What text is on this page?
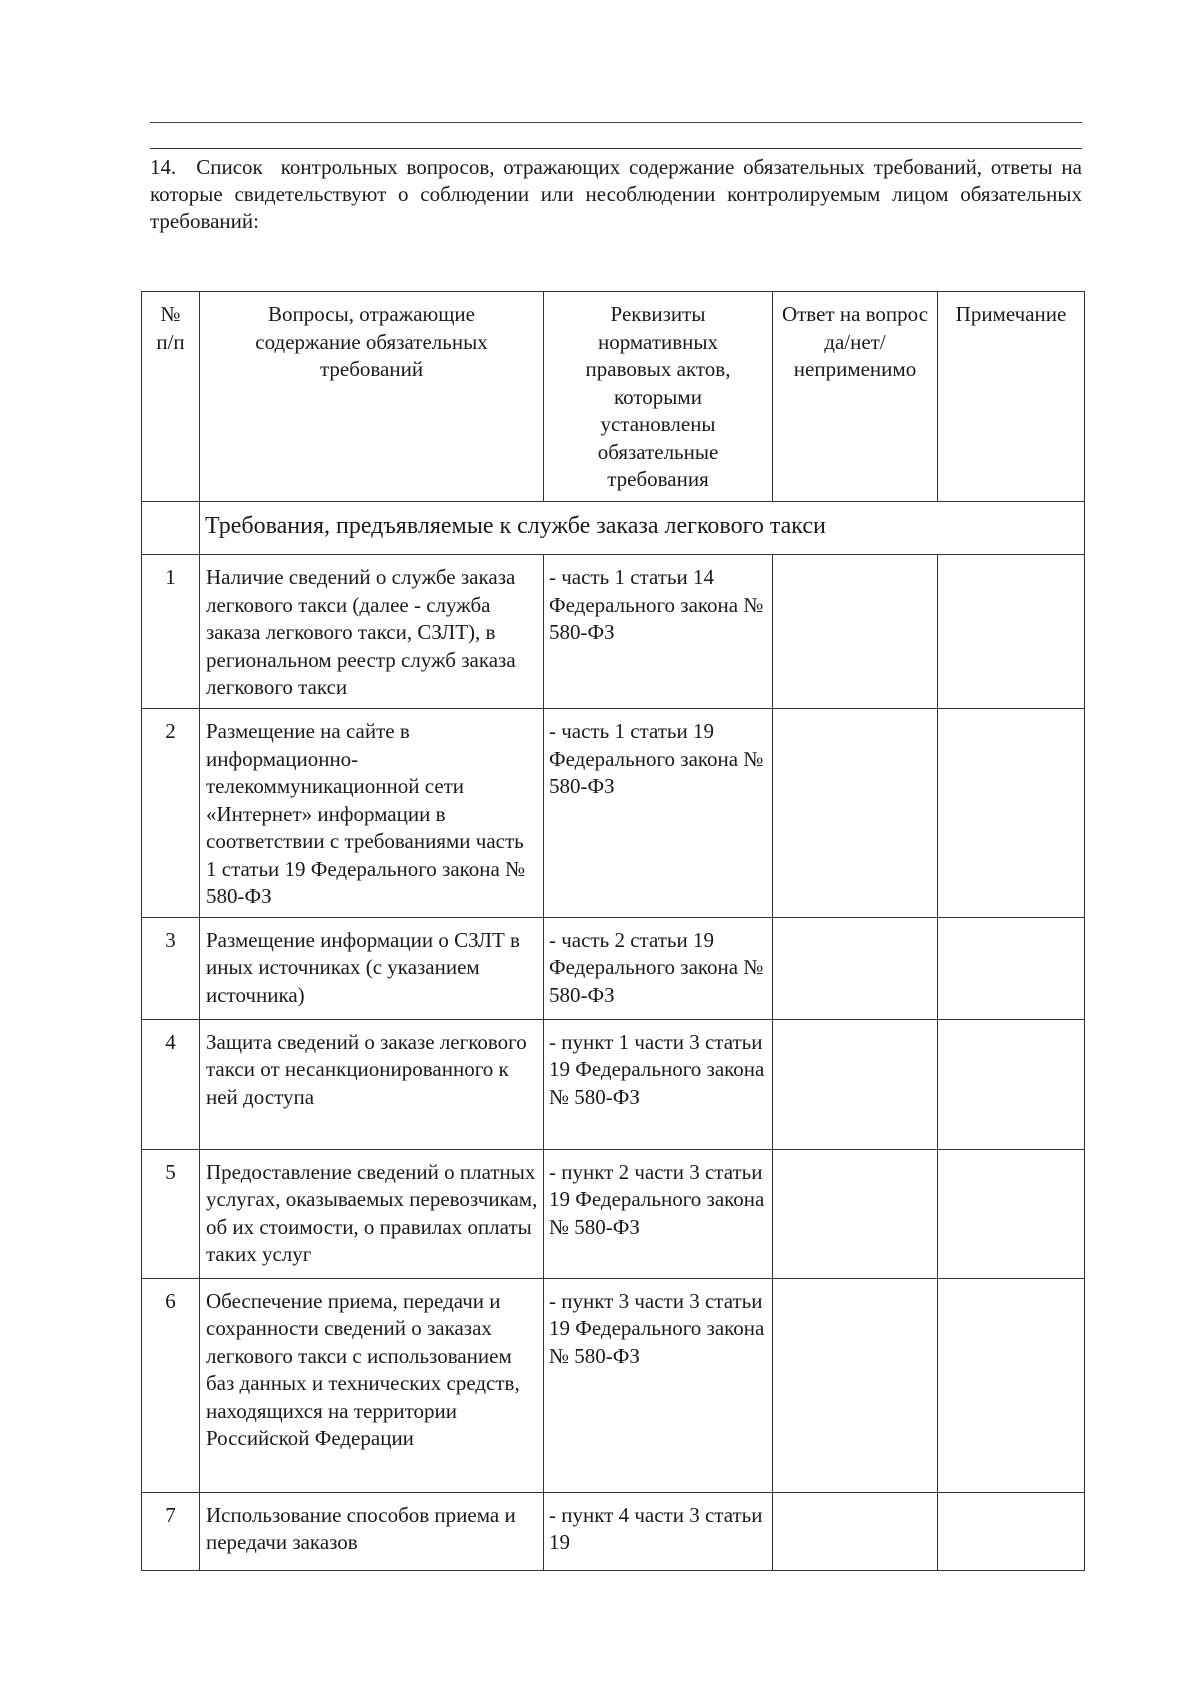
14. Список контрольных вопросов, отражающих содержание обязательных требований, ответы на которые свидетельствуют о соблюдении или несоблюдении контролируемым лицом обязательных требований:

№ п/п	Вопросы, отражающие содержание обязательных требований	Реквизиты нормативных правовых актов, которыми установлены обязательные требования	Ответ на вопрос да/нет/ неприменимо	Примечание
	Требования, предъявляемые к службе заказа легкового такси			
1	Наличие сведений о службе заказа легкового такси (далее - служба заказа легкового такси, СЗЛТ), в региональном реестр служб заказа легкового такси	- часть 1 статьи 14 Федерального закона № 580-ФЗ		
2	Размещение на сайте в информационно-телекоммуникационной сети «Интернет» информации в соответствии с требованиями часть 1 статьи 19 Федерального закона № 580-ФЗ	- часть 1 статьи 19 Федерального закона № 580-ФЗ		
3	Размещение информации о СЗЛТ в иных источниках (с указанием источника)	- часть 2 статьи 19 Федерального закона № 580-ФЗ		
4	Защита сведений о заказе легкового такси от несанкционированного к ней доступа	- пункт 1 части 3 статьи 19 Федерального закона № 580-ФЗ		
5	Предоставление сведений о платных услугах, оказываемых перевозчикам, об их стоимости, о правилах оплаты таких услуг	- пункт 2 части 3 статьи 19 Федерального закона № 580-ФЗ		
6	Обеспечение приема, передачи и сохранности сведений о заказах легкового такси с использованием баз данных и технических средств, находящихся на территории Российской Федерации	- пункт 3 части 3 статьи 19 Федерального закона № 580-ФЗ		
7	Использование способов приема и передачи заказов	- пункт 4 части 3 статьи 19		
